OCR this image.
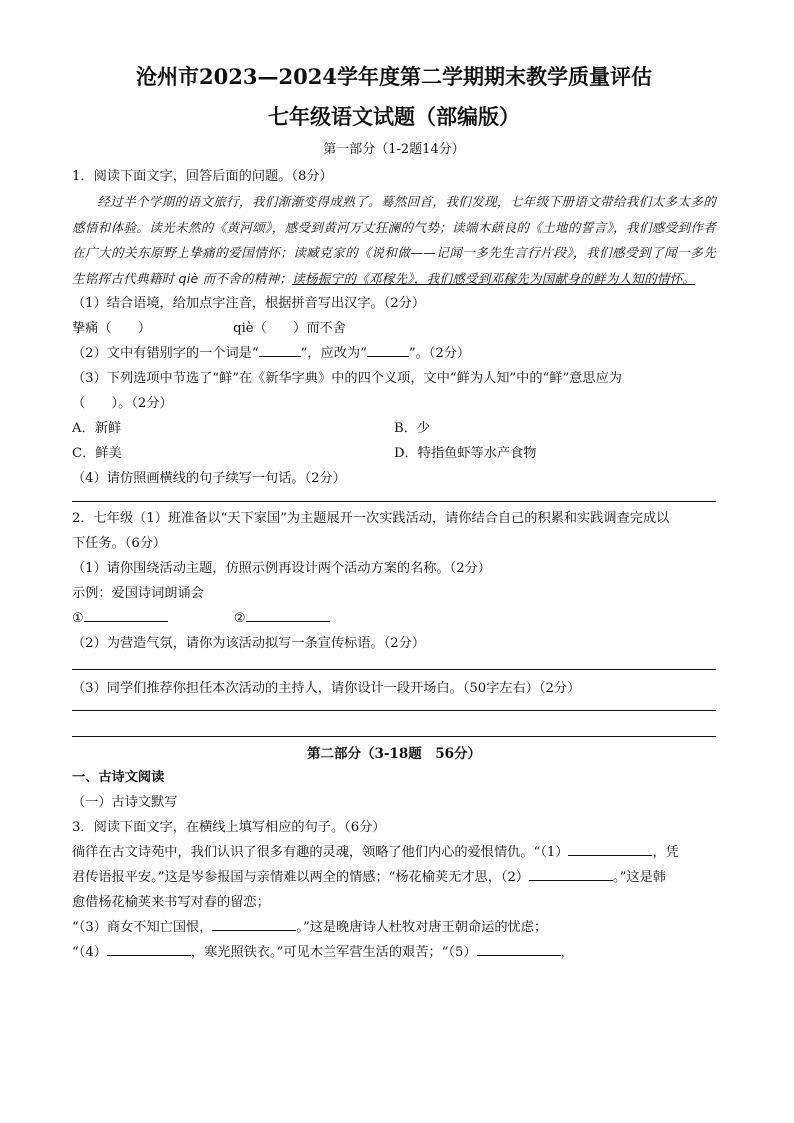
沧州市2023—2024学年度第二学期期末教学质量评估
七年级语文试题（部编版）
第一部分（1-2题14分）
1．阅读下面文字，回答后面的问题。（8分）

经过半个学期的语文旅行，我们渐渐变得成熟了。蓦然回首，我们发现，七年级下册语文带给我们太多太多的感悟和体验。读光未然的《黄河颂》，感受到黄河万丈狂澜的气势；读端木蕻良的《土地的誓言》，我们感受到作者在广大的关东原野上挚痛的爱国情怀；读臧克家的《说和做——记闻一多先生言行片段》，我们感受到了闻一多先生铭挥古代典籍时 qiè 而不舍的精神；读杨振宁的《邓稼先》，我们感受到邓稼先为国献身的鲜为人知的情怀。

（1）结合语境，给加点字注音，根据拼音写出汉字。（2分）
挚痛（　　）	qiè（　　）而不舍
（2）文中有错别字的一个词是“	”，应改为“	”。（2分）
（3）下列选项中节选了“鲜”在《新华字典》中的四个义项，文中“鲜为人知”中的“鲜”意思应为
（　　）。（2分）
A．新鲜	B．少
C．鲜美	D．特指鱼虾等水产食物
（4）请仿照画横线的句子续写一句话。（2分）
2．七年级（1）班准备以“天下家国”为主题展开一次实践活动，请你结合自己的积累和实践调查完成以
下任务。（6分）
（1）请你围绕活动主题，仿照示例再设计两个活动方案的名称。（2分）
示例：爱国诗词朗诵会
①	②
（2）为营造气氛，请你为该活动拟写一条宣传标语。（2分）
（3）同学们推荐你担任本次活动的主持人，请你设计一段开场白。（50字左右）（2分）
第二部分（3-18题　56分）
一、古诗文阅读
（一）古诗文默写
3．阅读下面文字，在横线上填写相应的句子。（6分）
徜徉在古文诗苑中，我们认识了很多有趣的灵魂，领略了他们内心的爱恨情仇。“（1）	，凭
君传语报平安。”这是岑参报国与亲情难以两全的情感；“杨花榆荚无才思，（2）	。”这是韩
愈借杨花榆荚来书写对春的留恋；
“（3）商女不知亡国恨，	。”这是晚唐诗人杜牧对唐王朝命运的忧虑；
“（4）	，寒光照铁衣。”可见木兰军营生活的艰苦；“（5）	，
